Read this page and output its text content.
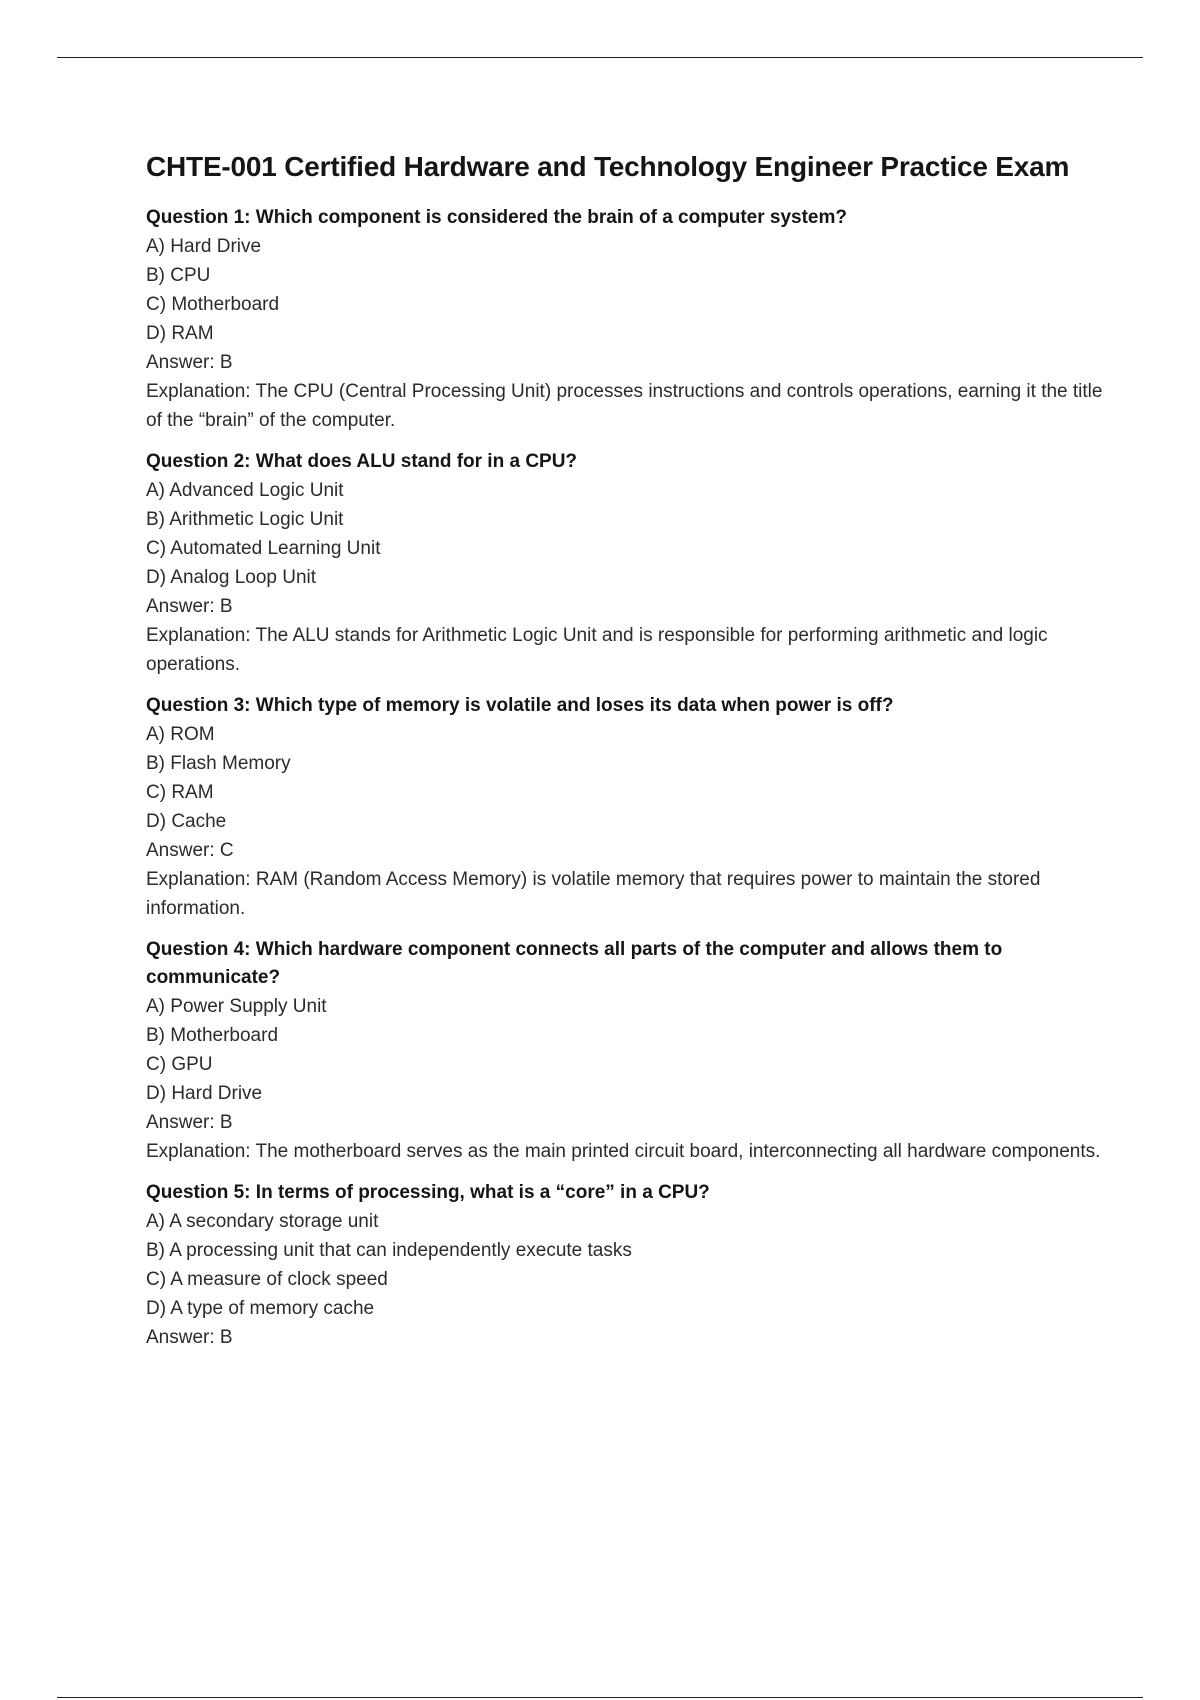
CHTE-001 Certified Hardware and Technology Engineer Practice Exam

Question 1: Which component is considered the brain of a computer system?

A) Hard Drive

B) CPU

C) Motherboard

D) RAM

Answer: B

Explanation: The CPU (Central Processing Unit) processes instructions and controls operations, earning it the title of the “brain” of the computer.

Question 2: What does ALU stand for in a CPU?

A) Advanced Logic Unit

B) Arithmetic Logic Unit

C) Automated Learning Unit

D) Analog Loop Unit

Answer: B

Explanation: The ALU stands for Arithmetic Logic Unit and is responsible for performing arithmetic and logic operations.

Question 3: Which type of memory is volatile and loses its data when power is off?

A) ROM

B) Flash Memory

C) RAM

D) Cache

Answer: C

Explanation: RAM (Random Access Memory) is volatile memory that requires power to maintain the stored information.

Question 4: Which hardware component connects all parts of the computer and allows them to communicate?

A) Power Supply Unit

B) Motherboard

C) GPU

D) Hard Drive

Answer: B

Explanation: The motherboard serves as the main printed circuit board, interconnecting all hardware components.

Question 5: In terms of processing, what is a “core” in a CPU?

A) A secondary storage unit

B) A processing unit that can independently execute tasks

C) A measure of clock speed

D) A type of memory cache

Answer: B
